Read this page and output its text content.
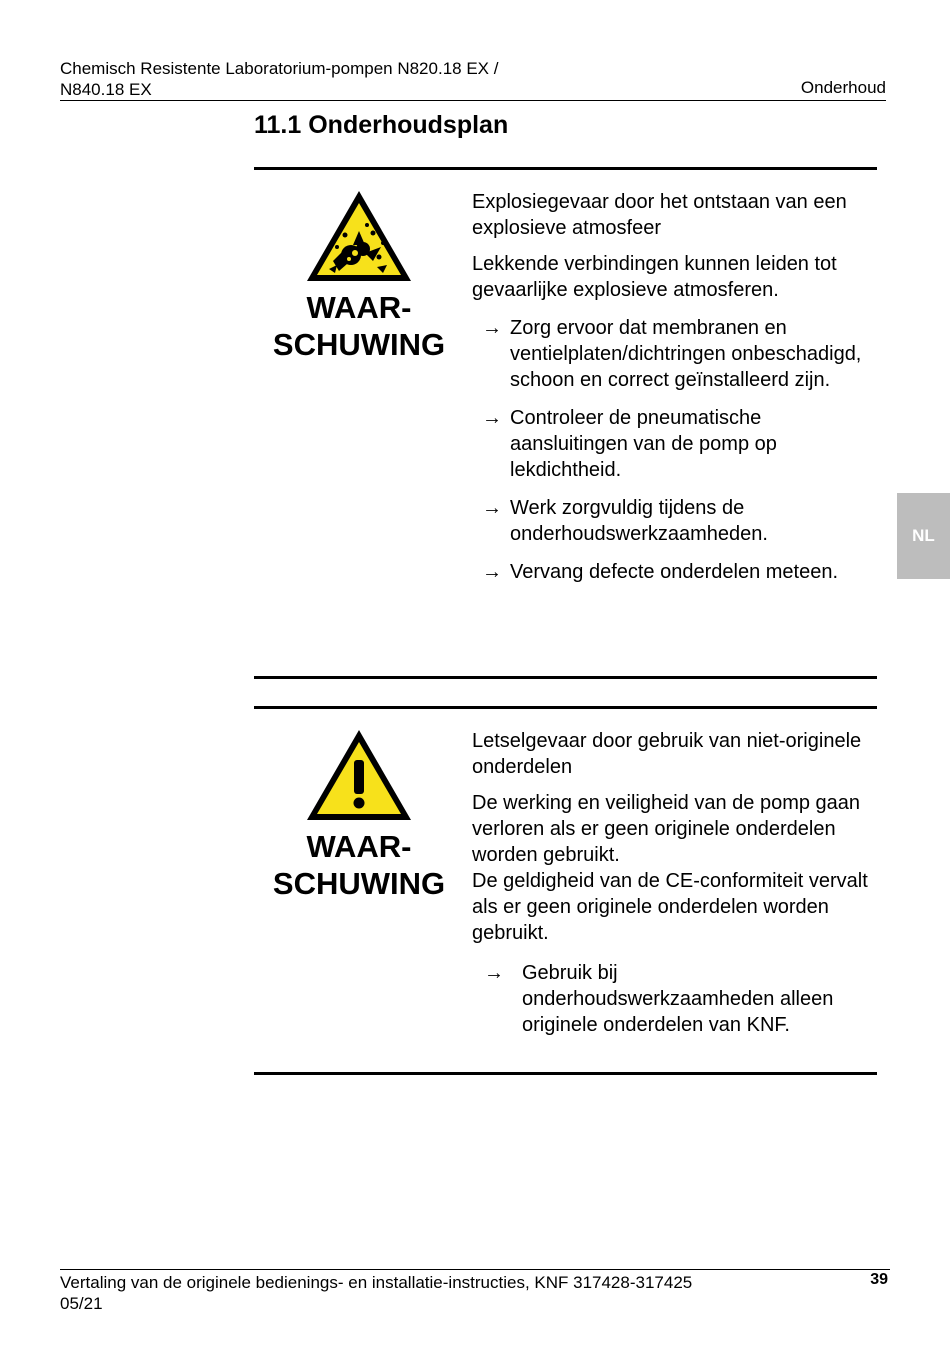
Chemisch Resistente Laboratorium-pompen N820.18 EX /
N840.18 EX	Onderhoud
11.1 Onderhoudsplan
NL
WAAR-
SCHUWING

Explosiegevaar door het ontstaan van een explosieve atmosfeer

Lekkende verbindingen kunnen leiden tot gevaarlijke explosieve atmosferen.

→ Zorg ervoor dat membranen en ventielplaten/dichtringen onbeschadigd, schoon en correct geïnstalleerd zijn.
→ Controleer de pneumatische aansluitingen van de pomp op lekdichtheid.
→ Werk zorgvuldig tijdens de onderhoudswerkzaamheden.
→ Vervang defecte onderdelen meteen.
WAAR-
SCHUWING

Letselgevaar door gebruik van niet-originele onderdelen

De werking en veiligheid van de pomp gaan verloren als er geen originele onderdelen worden gebruikt.

De geldigheid van de CE-conformiteit vervalt als er geen originele onderdelen worden gebruikt.

→ Gebruik bij onderhoudswerkzaamheden alleen originele onderdelen van KNF.
Vertaling van de originele bedienings- en installatie-instructies, KNF 317428-317425
05/21
39
